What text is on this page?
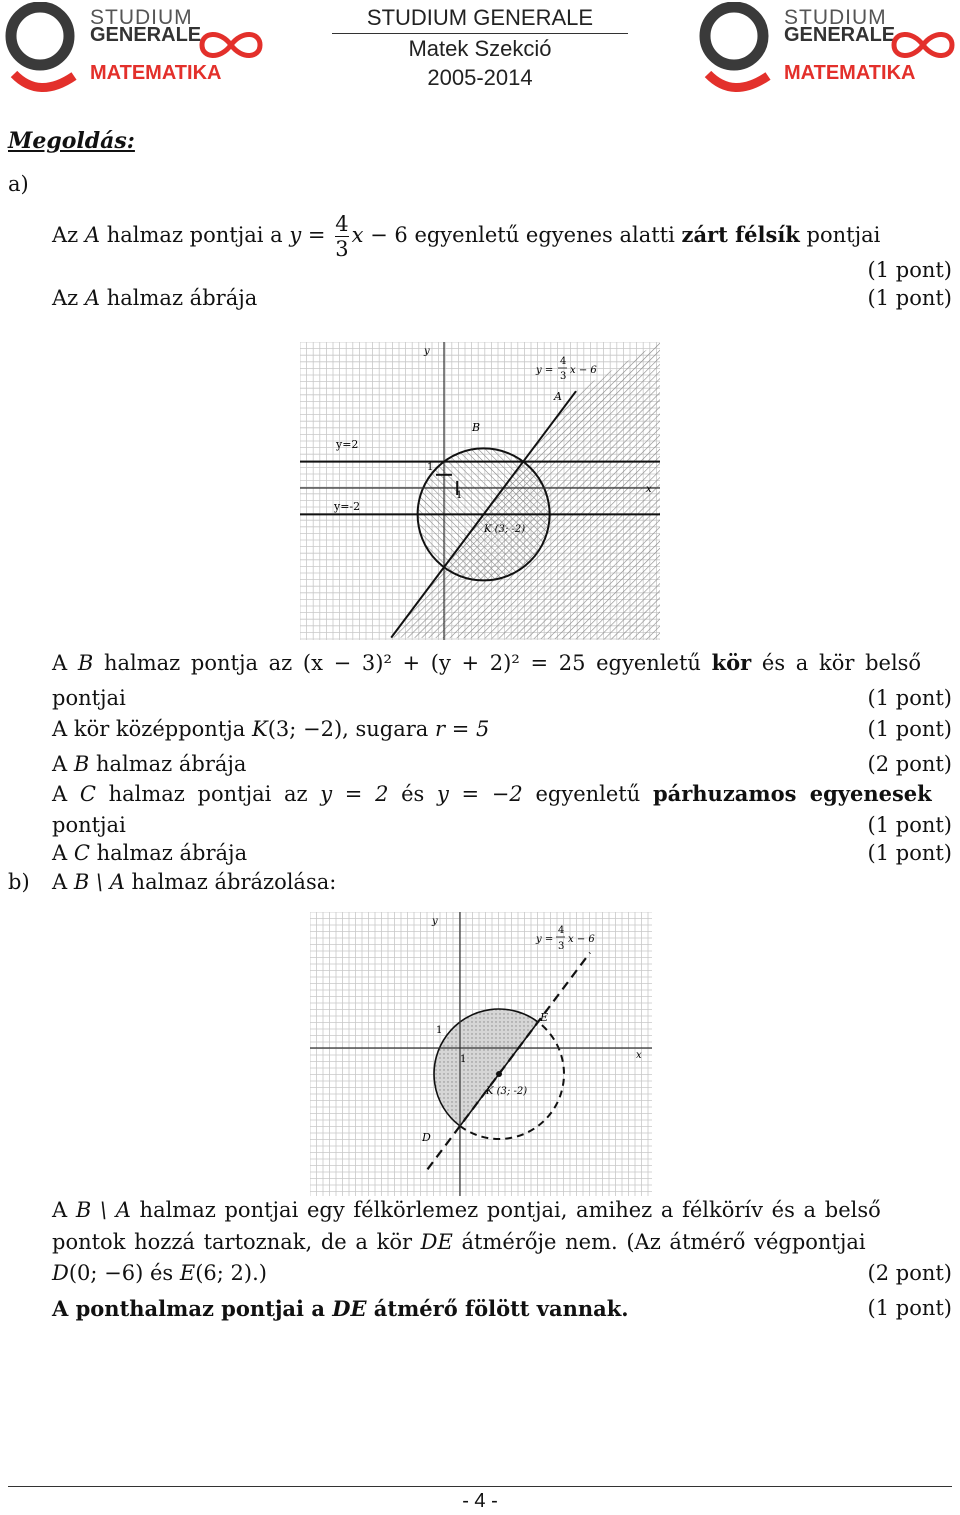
STUDIUM
GENERALE
MATEMATIKA
STUDIUM GENERALE
Matek Szekció
2005-2014
STUDIUM
GENERALE
MATEMATIKA
Megoldás:
a)
Az A halmaz pontjai a $y = \frac{4}{3}$ x − 6 egyenletű egyenes alatti zárt félsík pontjai
(1 pont)
Az A halmaz ábrája	(1 pont)
y
x
y =
4
3
x − 6
A
B
y=2
y=-2
1
1
K (3; -2)
A B halmaz pontja az (x − 3)² + (y + 2)² = 25 egyenletű kör és a kör belső
pontjai	(1 pont)
A kör középpontja K(3; −2), sugara r = 5	(1 pont)
A B halmaz ábrája	(2 pont)
A C halmaz pontjai az y = 2 és y = −2 egyenletű párhuzamos egyenesek
pontjai	(1 pont)
A C halmaz ábrája	(1 pont)
b) A B \ A halmaz ábrázolása:
y
x
y =
4
3
x − 6
E
D
1
1
K (3; -2)
A B \ A halmaz pontjai egy félkörlemez pontjai, amihez a félkörív és a belső
pontok hozzá tartoznak, de a kör DE átmérője nem. (Az átmérő végpontjai
D(0; −6) és E(6; 2).)	(2 pont)
A ponthalmaz pontjai a DE átmérő fölött vannak.	(1 pont)
- 4 -
